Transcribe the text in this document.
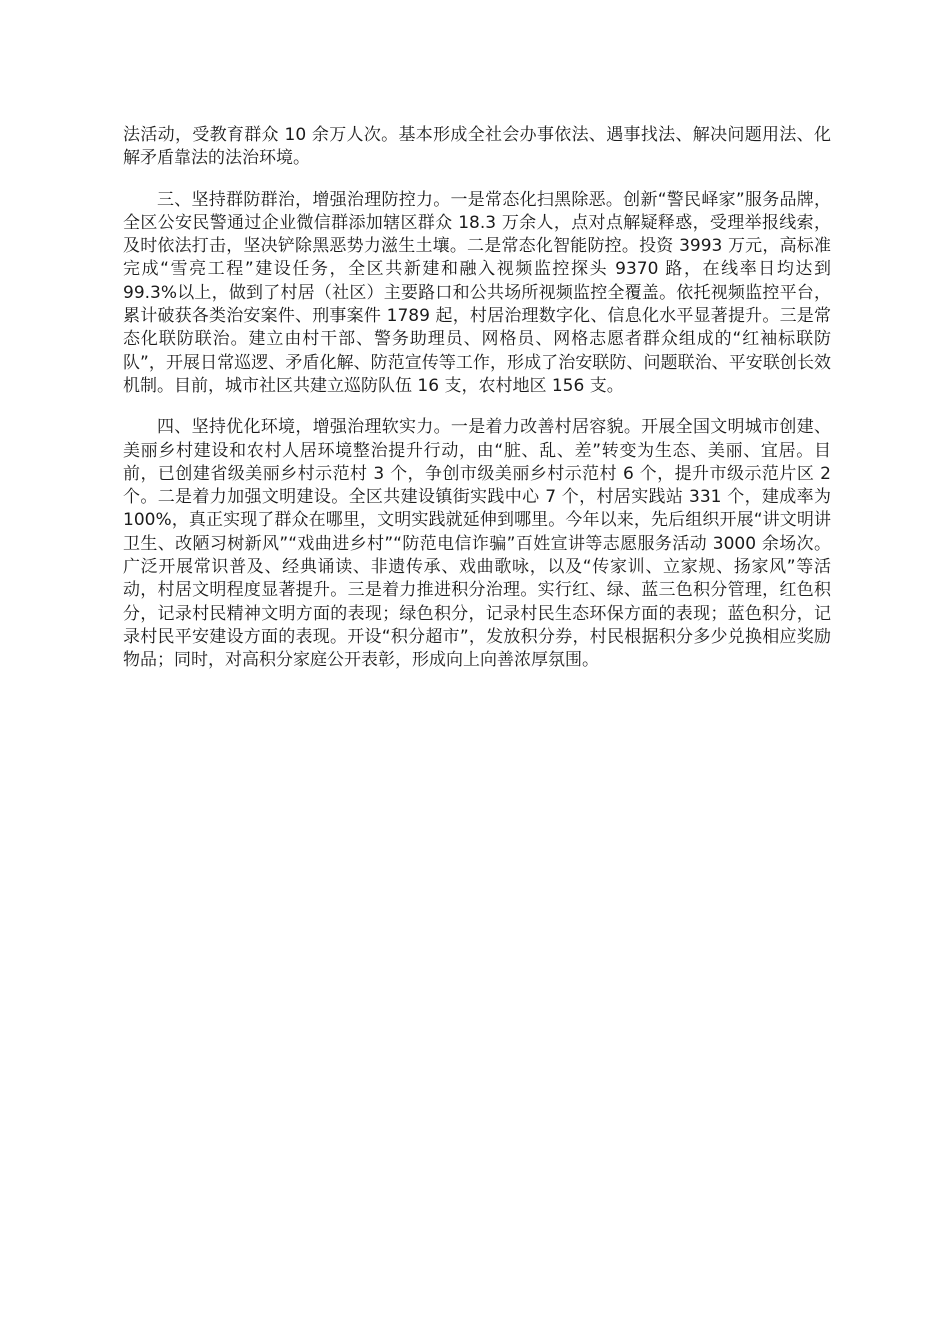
法活动，受教育群众 10 余万人次。基本形成全社会办事依法、遇事找法、解决问题用法、化解矛盾靠法的法治环境。

三、坚持群防群治，增强治理防控力。一是常态化扫黑除恶。创新“警民峄家”服务品牌，全区公安民警通过企业微信群添加辖区群众 18.3 万余人，点对点解疑释惑，受理举报线索，及时依法打击，坚决铲除黑恶势力滋生土壤。二是常态化智能防控。投资 3993 万元，高标准完成“雪亮工程”建设任务，全区共新建和融入视频监控探头 9370 路，在线率日均达到 99.3%以上，做到了村居（社区）主要路口和公共场所视频监控全覆盖。依托视频监控平台，累计破获各类治安案件、刑事案件 1789 起，村居治理数字化、信息化水平显著提升。三是常态化联防联治。建立由村干部、警务助理员、网格员、网格志愿者群众组成的“红袖标联防队”，开展日常巡逻、矛盾化解、防范宣传等工作，形成了治安联防、问题联治、平安联创长效机制。目前，城市社区共建立巡防队伍 16 支，农村地区 156 支。

四、坚持优化环境，增强治理软实力。一是着力改善村居容貌。开展全国文明城市创建、美丽乡村建设和农村人居环境整治提升行动，由“脏、乱、差”转变为生态、美丽、宜居。目前，已创建省级美丽乡村示范村 3 个，争创市级美丽乡村示范村 6 个，提升市级示范片区 2 个。二是着力加强文明建设。全区共建设镇街实践中心 7 个，村居实践站 331 个，建成率为 100%，真正实现了群众在哪里，文明实践就延伸到哪里。今年以来，先后组织开展“讲文明讲卫生、改陋习树新风”“戏曲进乡村”“防范电信诈骗”百姓宣讲等志愿服务活动 3000 余场次。广泛开展常识普及、经典诵读、非遗传承、戏曲歌咏，以及“传家训、立家规、扬家风”等活动，村居文明程度显著提升。三是着力推进积分治理。实行红、绿、蓝三色积分管理，红色积分，记录村民精神文明方面的表现；绿色积分，记录村民生态环保方面的表现；蓝色积分，记录村民平安建设方面的表现。开设“积分超市”，发放积分券，村民根据积分多少兑换相应奖励物品；同时，对高积分家庭公开表彰，形成向上向善浓厚氛围。
